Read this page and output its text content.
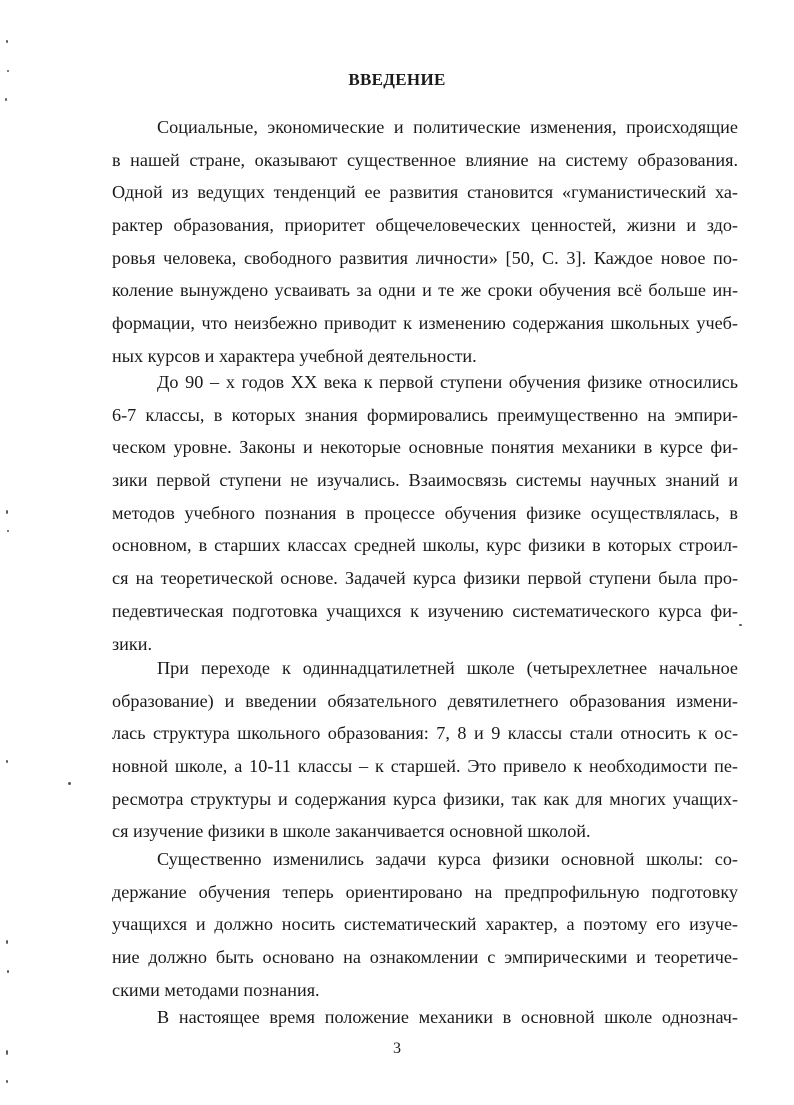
ВВЕДЕНИЕ

Социальные, экономические и политические изменения, происходящие
в нашей стране, оказывают существенное влияние на систему образования.
Одной из ведущих тенденций ее развития становится «гуманистический ха-
рактер образования, приоритет общечеловеческих ценностей, жизни и здо-
ровья человека, свободного развития личности» [50, С. 3]. Каждое новое по-
коление вынуждено усваивать за одни и те же сроки обучения всё больше ин-
формации, что неизбежно приводит к изменению содержания школьных учеб-
ных курсов и характера учебной деятельности.

До 90 – х годов XX века к первой ступени обучения физике относились
6-7 классы, в которых знания формировались преимущественно на эмпири-
ческом уровне. Законы и некоторые основные понятия механики в курсе фи-
зики первой ступени не изучались. Взаимосвязь системы научных знаний и
методов учебного познания в процессе обучения физике осуществлялась, в
основном, в старших классах средней школы, курс физики в которых строил-
ся на теоретической основе. Задачей курса физики первой ступени была про-
педевтическая подготовка учащихся к изучению систематического курса фи-
зики.

При переходе к одиннадцатилетней школе (четырехлетнее начальное
образование) и введении обязательного девятилетнего образования измени-
лась структура школьного образования: 7, 8 и 9 классы стали относить к ос-
новной школе, а 10-11 классы – к старшей. Это привело к необходимости пе-
ресмотра структуры и содержания курса физики, так как для многих учащих-
ся изучение физики в школе заканчивается основной школой.

Существенно изменились задачи курса физики основной школы: со-
держание обучения теперь ориентировано на предпрофильную подготовку
учащихся и должно носить систематический характер, а поэтому его изуче-
ние должно быть основано на ознакомлении с эмпирическими и теоретиче-
скими методами познания.

В настоящее время положение механики в основной школе однознач-

3
